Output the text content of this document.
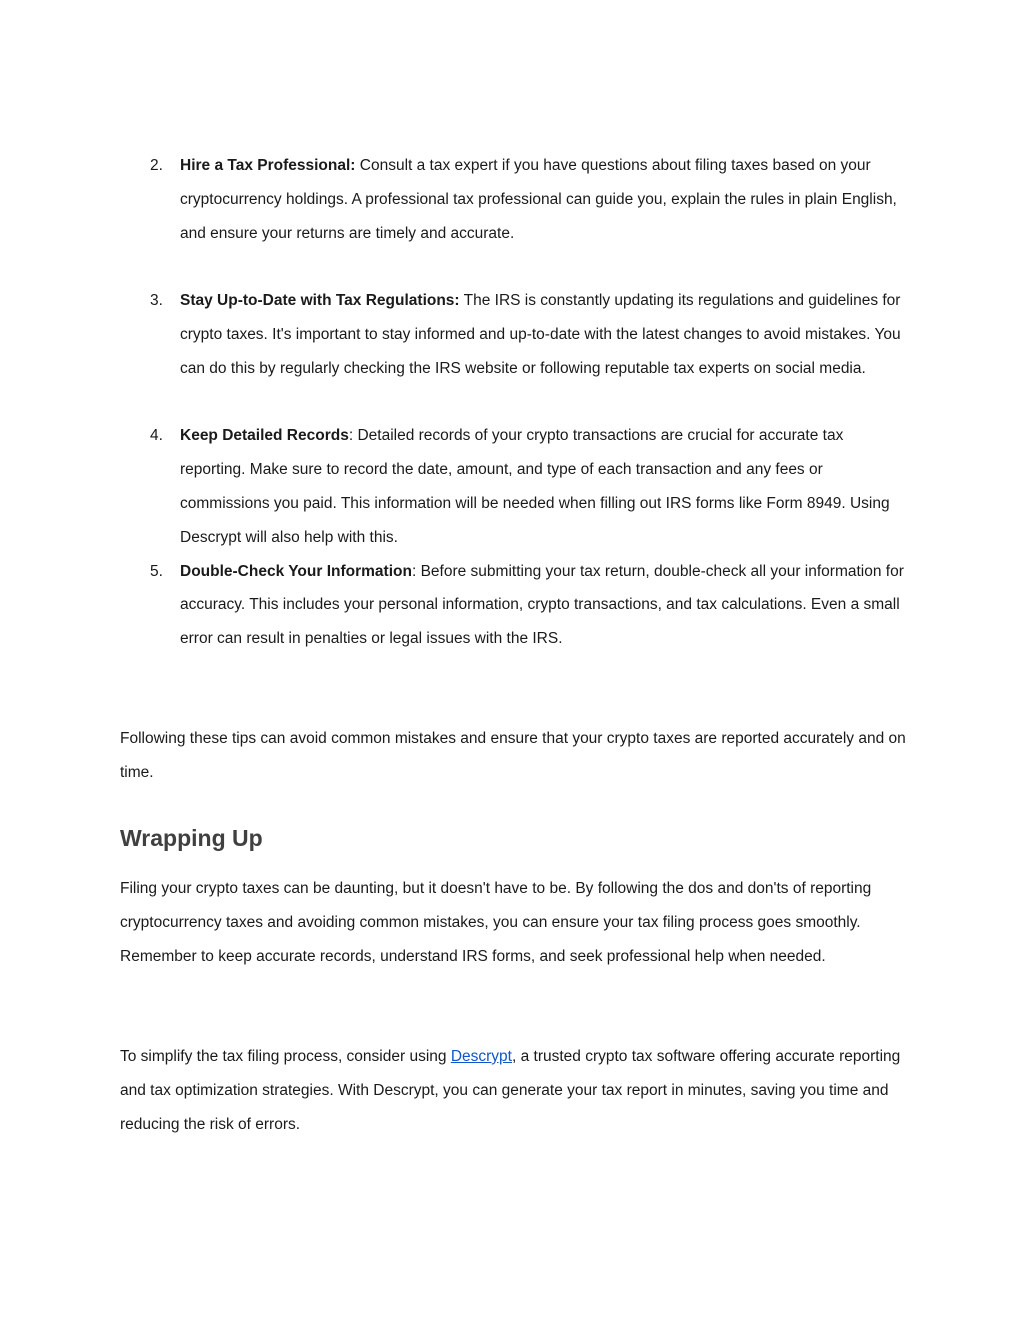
2. Hire a Tax Professional: Consult a tax expert if you have questions about filing taxes based on your cryptocurrency holdings. A professional tax professional can guide you, explain the rules in plain English, and ensure your returns are timely and accurate.
3. Stay Up-to-Date with Tax Regulations: The IRS is constantly updating its regulations and guidelines for crypto taxes. It's important to stay informed and up-to-date with the latest changes to avoid mistakes. You can do this by regularly checking the IRS website or following reputable tax experts on social media.
4. Keep Detailed Records: Detailed records of your crypto transactions are crucial for accurate tax reporting. Make sure to record the date, amount, and type of each transaction and any fees or commissions you paid. This information will be needed when filling out IRS forms like Form 8949. Using Descrypt will also help with this.
5. Double-Check Your Information: Before submitting your tax return, double-check all your information for accuracy. This includes your personal information, crypto transactions, and tax calculations. Even a small error can result in penalties or legal issues with the IRS.

Following these tips can avoid common mistakes and ensure that your crypto taxes are reported accurately and on time.

Wrapping Up

Filing your crypto taxes can be daunting, but it doesn't have to be. By following the dos and don'ts of reporting cryptocurrency taxes and avoiding common mistakes, you can ensure your tax filing process goes smoothly. Remember to keep accurate records, understand IRS forms, and seek professional help when needed.

To simplify the tax filing process, consider using Descrypt, a trusted crypto tax software offering accurate reporting and tax optimization strategies. With Descrypt, you can generate your tax report in minutes, saving you time and reducing the risk of errors.
